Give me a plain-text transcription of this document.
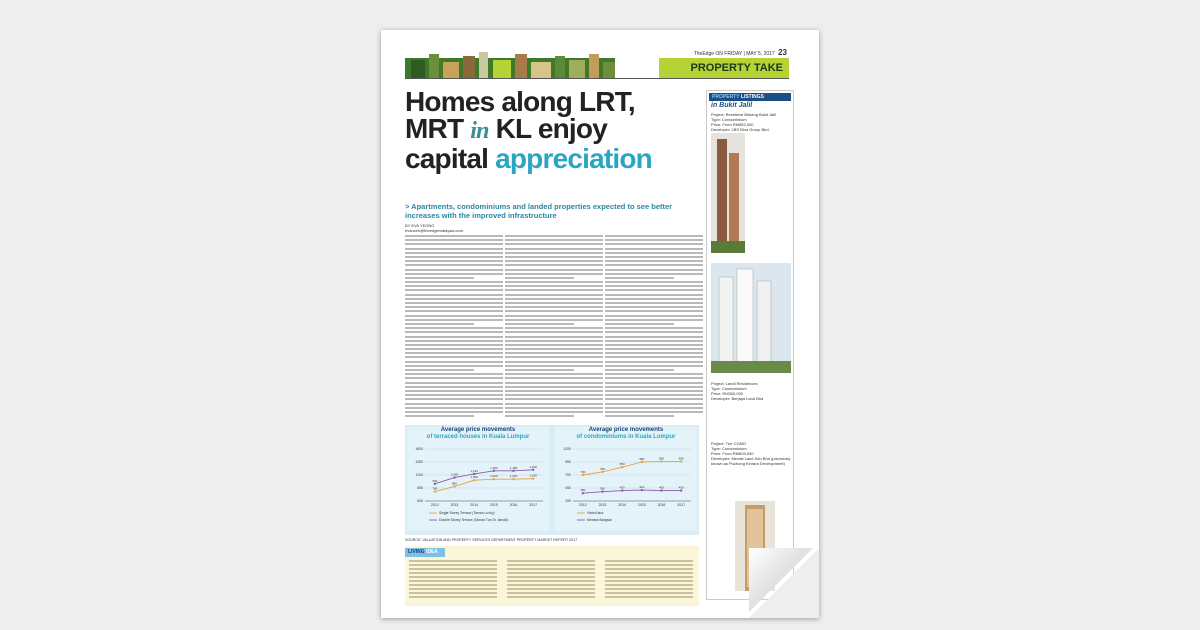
TheEdge ON FRIDAY | MAY 5, 2017 23
PROPERTY TAKE
Homes along LRT,
MRT in KL enjoy
capital appreciation
> Apartments, condominiums and landed properties expected to see better increases with the improved infrastructure
BY EVA YEONG
evanceh@theedgemalaysia.com
PROPERTY LISTINGS
in Bukit Jalil
Project: Residensi Bintang Bukit Jalil
Type: Condominium
Price: From RM552,000
Developer: LBS Bina Group Bhd
Project: Landi Residences
Type: Condominium
Price: RM300,000
Developer: Berjaya Land Bhd
Project: The COMO
Type: Condominium
Price: From RM609,630
Developer: Meraki Land Sdn Bhd (previously known as Puchong Kinrara Development)
Average price movements
of terraced houses in Kuala Lumpur
600
850
1100
1350
1600
2012	2013	2014	2015	2016	2017
780
880
1,000	1,020	1,020	1,030
Single Storey Terrace (Taman Lucky)
930
1,050
1,120
1,180	1,180	1,200
Double Storey Terrace (Taman Tun Dr. Ismail)
Average price movements
of condominiums in Kuala Lumpur
200
450
700
950
1200
2012	2013	2014	2015	2016	2017
700
760
850
950	960	960
Vista Kiara
350	380	400	410	400	400
Menara Bangsar
SOURCE: VALUATION AND PROPERTY SERVICES DEPARTMENT PROPERTY MARKET REPORT 2017
LIVING IDEA
